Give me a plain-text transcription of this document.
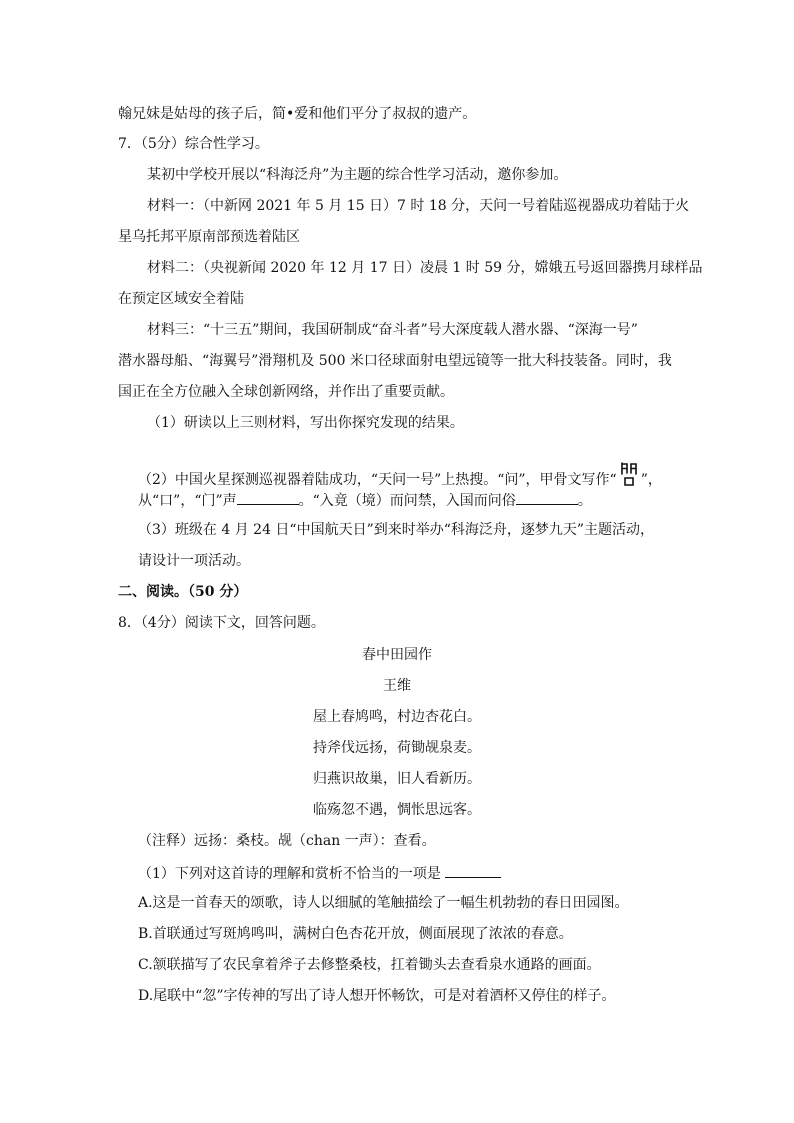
翰兄妹是姑母的孩子后，简•爱和他们平分了叔叔的遗产。
7．（5分）综合性学习。
某初中学校开展以“科海泛舟”为主题的综合性学习活动，邀你参加。
材料一：（中新网 2021 年 5 月 15 日）7 时 18 分，天问一号着陆巡视器成功着陆于火
星乌托邦平原南部预选着陆区
材料二：（央视新闻 2020 年 12 月 17 日）凌晨 1 时 59 分，嫦娥五号返回器携月球样品
在预定区域安全着陆
材料三：“十三五”期间，我国研制成“奋斗者”号大深度载人潜水器、“深海一号”
潜水器母船、“海翼号”滑翔机及 500 米口径球面射电望远镜等一批大科技装备。同时，我
国正在全方位融入全球创新网络，并作出了重要贡献。
（1）研读以上三则材料，写出你探究发现的结果。
（2）中国火星探测巡视器着陆成功，“天问一号”上热搜。“问”，甲骨文写作“ ”，
从“口”，“门”声	。“入竟（境）而问禁，入国而问俗	。
（3）班级在 4 月 24 日“中国航天日”到来时举办“科海泛舟，逐梦九天”主题活动，
请设计一项活动。
二、阅读。（50 分）
8．（4分）阅读下文，回答问题。
春中田园作
王维
屋上春鸠鸣，村边杏花白。
持斧伐远扬，荷锄觇泉麦。
归燕识故巢，旧人看新历。
临殇忽不遇，惆怅思远客。
（注释）远扬：桑枝。觇（chan 一声）：查看。
（1）下列对这首诗的理解和赏析不恰当的一项是
A.这是一首春天的颂歌，诗人以细腻的笔触描绘了一幅生机勃勃的春日田园图。
B.首联通过写斑鸠鸣叫，满树白色杏花开放，侧面展现了浓浓的春意。
C.颔联描写了农民拿着斧子去修整桑枝，扛着锄头去查看泉水通路的画面。
D.尾联中“忽”字传神的写出了诗人想开怀畅饮，可是对着酒杯又停住的样子。
